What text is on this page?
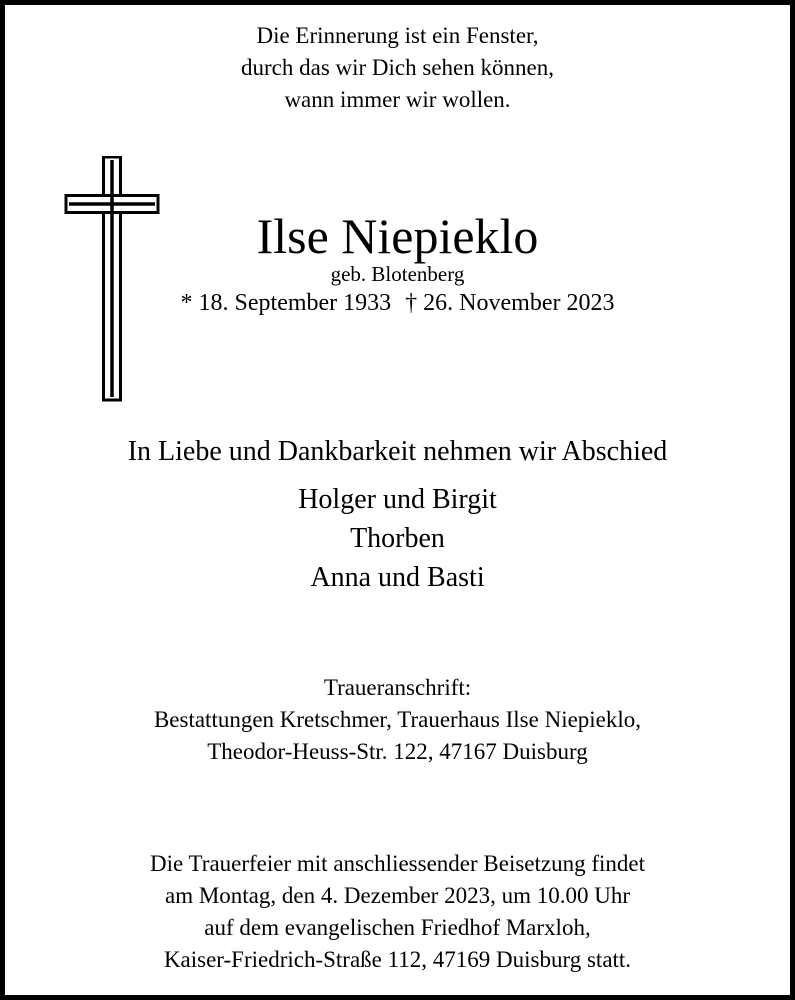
Die Erinnerung ist ein Fenster,
durch das wir Dich sehen können,
wann immer wir wollen.
Ilse Niepieklo
geb. Blotenberg
* 18. September 1933 † 26. November 2023
In Liebe und Dankbarkeit nehmen wir Abschied
Holger und Birgit
Thorben
Anna und Basti
Traueranschrift:
Bestattungen Kretschmer, Trauerhaus Ilse Niepieklo,
Theodor-Heuss-Str. 122, 47167 Duisburg
Die Trauerfeier mit anschliessender Beisetzung findet
am Montag, den 4. Dezember 2023, um 10.00 Uhr
auf dem evangelischen Friedhof Marxloh,
Kaiser-Friedrich-Straße 112, 47169 Duisburg statt.
